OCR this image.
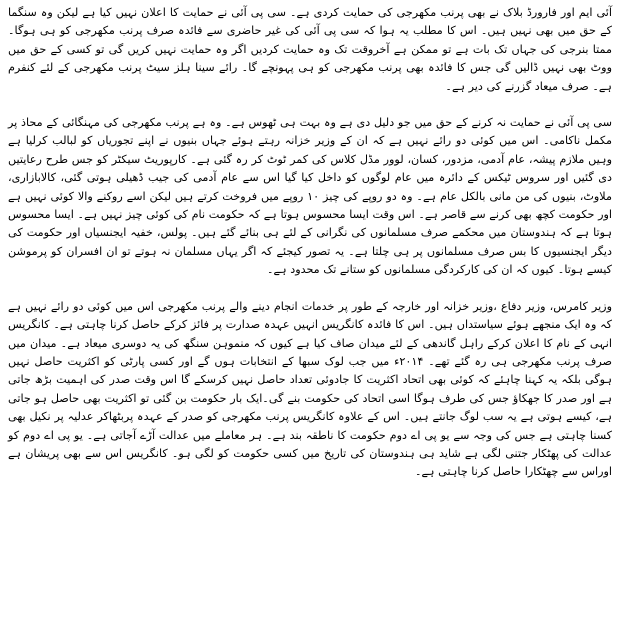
آئی ایم اور فارورڈ بلاک نے بھی پرنب مکھرجی کی حمایت کردی ہے۔ سی پی آئی نے حمایت کا اعلان نہیں کیا ہے لیکن وہ سنگما کے حق میں بھی نہیں ہیں۔ اس کا مطلب یہ ہوا کہ سی پی آئی کی غیر حاضری سے فائدہ صرف پرنب مکھرجی کو ہی ہوگا۔ ممتا بنرجی کی جہاں تک بات ہے تو ممکن ہے آخروقت تک وہ حمایت کردیں اگر وہ حمایت نہیں کریں گی تو کسی کے حق میں ووٹ بھی نہیں ڈالیں گی جس کا فائدہ بھی پرنب مکھرجی کو ہی پہونچے گا۔ رائے سینا ہلز سیٹ پرنب مکھرجی کے لئے کنفرم ہے۔ صرف میعاد گزرنے کی دیر ہے۔

سی پی آئی نے حمایت نہ کرنے کے حق میں جو دلیل دی ہے وہ بہت ہی ٹھوس ہے۔ وہ ہے پرنب مکھرجی کی مہنگائی کے محاذ پر مکمل ناکامی۔ اس میں کوئی دو رائے نہیں ہے کہ ان کے وزیر خزانہ رہتے ہوئے جہاں بنیوں نے اپنے تجوریاں کو لبالب کرلیا ہے وہیں ملازم پیشہ، عام آدمی، مزدور، کسان، لوور مڈل کلاس کی کمر ٹوٹ کر رہ گئی ہے۔ کارپوریٹ سیکٹر کو جس طرح رعایتیں دی گئیں اور سروس ٹیکس کے دائرہ میں عام لوگوں کو داخل کیا گیا اس سے عام آدمی کی جیب ڈھیلی ہوتی گئی، کالابازاری، ملاوٹ، بنیوں کی من مانی بالکل عام ہے۔ وہ دو روپے کی چیز ۱۰ روپے میں فروخت کرتے ہیں لیکن اسے روکنے والا کوئی نہیں ہے اور حکومت کچھ بھی کرنے سے قاصر ہے۔ اس وقت ایسا محسوس ہوتا ہے کہ حکومت نام کی کوئی چیز نہیں ہے۔ ایسا محسوس ہوتا ہے کہ ہندوستان میں محکمے صرف مسلمانوں کی نگرانی کے لئے ہی بنائے گئے ہیں۔ پولس، خفیہ ایجنسیاں اور حکومت کی دیگر ایجنسیوں کا بس صرف مسلمانوں پر ہی چلتا ہے۔ یہ تصور کیجئے کہ اگر یہاں مسلمان نہ ہوتے تو ان افسران کو پرموشن کیسے ہوتا۔ کیوں کہ ان کی کارکردگی مسلمانوں کو ستانے تک محدود ہے۔

وزیر کامرس، وزیر دفاع ،وزیر خزانہ اور خارجہ کے طور پر خدمات انجام دینے والے پرنب مکھرجی اس میں کوئی دو رائے نہیں ہے کہ وہ ایک منجھے ہوئے سیاستداں ہیں۔ اس کا فائدہ کانگریس انہیں عہدہ صدارت پر فائز کرکے حاصل کرنا چاہتی ہے۔ کانگریس انہی کے نام کا اعلان کرکے راہل گاندھی کے لئے میدان صاف کیا ہے کیوں کہ منموہن سنگھ کی یہ دوسری میعاد ہے۔ میدان میں صرف پرنب مکھرجی ہی رہ گئے تھے۔ ۲۰۱۴ء میں جب لوک سبھا کے انتخابات ہوں گے اور کسی پارٹی کو اکثریت حاصل نہیں ہوگی بلکہ یہ کہنا چاہئے کہ کوئی بھی اتحاد اکثریت کا جادوئی تعداد حاصل نہیں کرسکے گا اس وقت صدر کی اہمیت بڑھ جاتی ہے اور صدر کا جھکاؤ جس کی طرف ہوگا اسی اتحاد کی حکومت بنے گی۔ایک بار حکومت بن گئی تو اکثریت بھی حاصل ہو جاتی ہے، کیسے ہوتی ہے یہ سب لوگ جانتے ہیں۔ اس کے علاوہ کانگریس پرنب مکھرجی کو صدر کے عہدہ پربٹھاکر عدلیہ پر نکیل بھی کسنا چاہتی ہے جس کی وجہ سے یو پی اے دوم حکومت کا ناطقہ بند ہے۔ ہر معاملے میں عدالت آڑے آجاتی ہے۔ یو پی اے دوم کو عدالت کی پھٹکار جتنی لگی ہے شاید ہی ہندوستان کی تاریخ میں کسی حکومت کو لگی ہو۔ کانگریس اس سے بھی پریشان ہے اوراس سے چھٹکارا حاصل کرنا چاہتی ہے۔
